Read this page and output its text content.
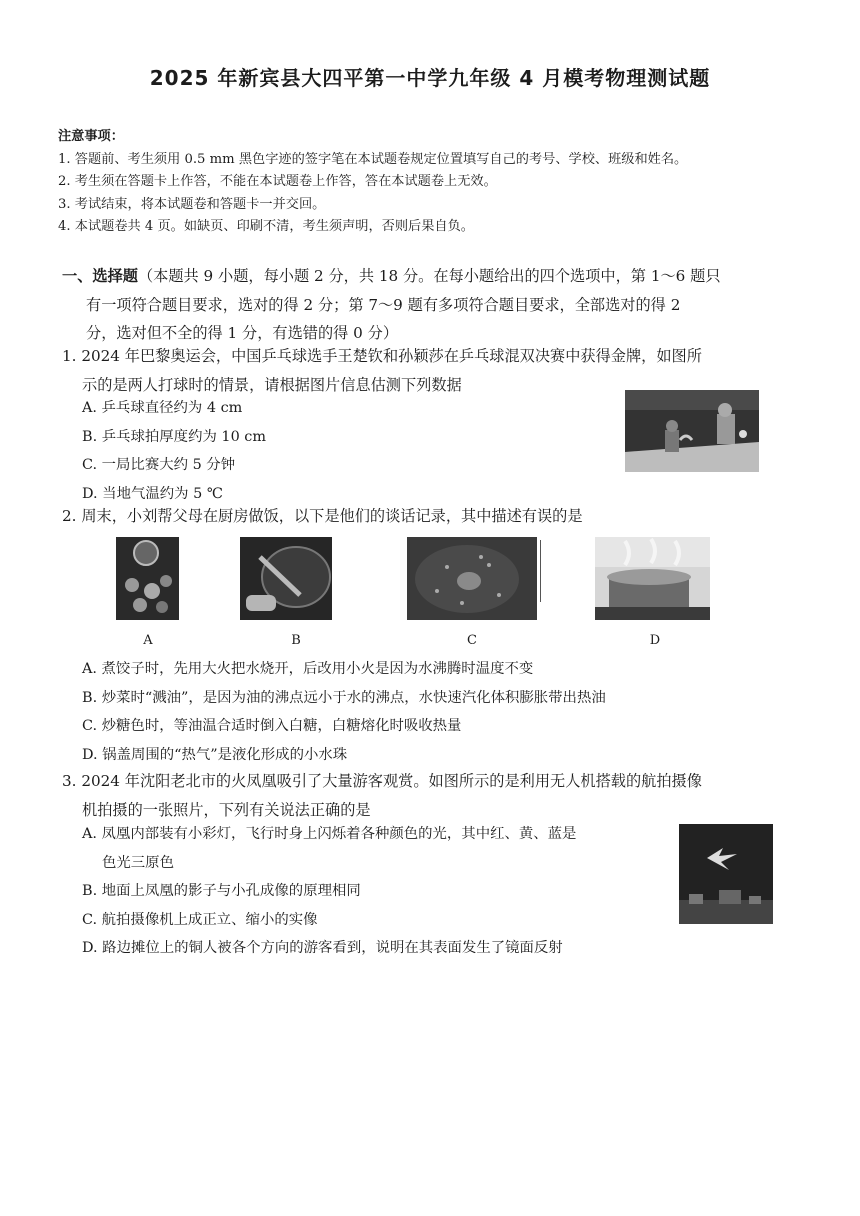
2025 年新宾县大四平第一中学九年级 4 月模考物理测试题
注意事项：
1. 答题前、考生须用 0.5 mm 黑色字迹的签字笔在本试题卷规定位置填写自己的考号、学校、班级和姓名。
2. 考生须在答题卡上作答，不能在本试题卷上作答，答在本试题卷上无效。
3. 考试结束，将本试题卷和答题卡一并交回。
4. 本试题卷共 4 页。如缺页、印刷不清，考生须声明，否则后果自负。
一、选择题（本题共 9 小题，每小题 2 分，共 18 分。在每小题给出的四个选项中，第 1～6 题只
有一项符合题目要求，选对的得 2 分；第 7～9 题有多项符合题目要求，全部选对的得 2
分，选对但不全的得 1 分，有选错的得 0 分）
1. 2024 年巴黎奥运会，中国乒乓球选手王楚钦和孙颖莎在乒乓球混双决赛中获得金牌，如图所
示的是两人打球时的情景，请根据图片信息估测下列数据
A. 乒乓球直径约为 4 cm
B. 乒乓球拍厚度约为 10 cm
C. 一局比赛大约 5 分钟
D. 当地气温约为 5 ℃
2. 周末，小刘帮父母在厨房做饭，以下是他们的谈话记录，其中描述有误的是
A	B	C	D
A. 煮饺子时，先用大火把水烧开，后改用小火是因为水沸腾时温度不变
B. 炒菜时“溅油”，是因为油的沸点远小于水的沸点，水快速汽化体积膨胀带出热油
C. 炒糖色时，等油温合适时倒入白糖，白糖熔化时吸收热量
D. 锅盖周围的“热气”是液化形成的小水珠
3. 2024 年沈阳老北市的火凤凰吸引了大量游客观赏。如图所示的是利用无人机搭载的航拍摄像
机拍摄的一张照片，下列有关说法正确的是
A. 凤凰内部装有小彩灯，飞行时身上闪烁着各种颜色的光，其中红、黄、蓝是
色光三原色
B. 地面上凤凰的影子与小孔成像的原理相同
C. 航拍摄像机上成正立、缩小的实像
D. 路边摊位上的铜人被各个方向的游客看到，说明在其表面发生了镜面反射
